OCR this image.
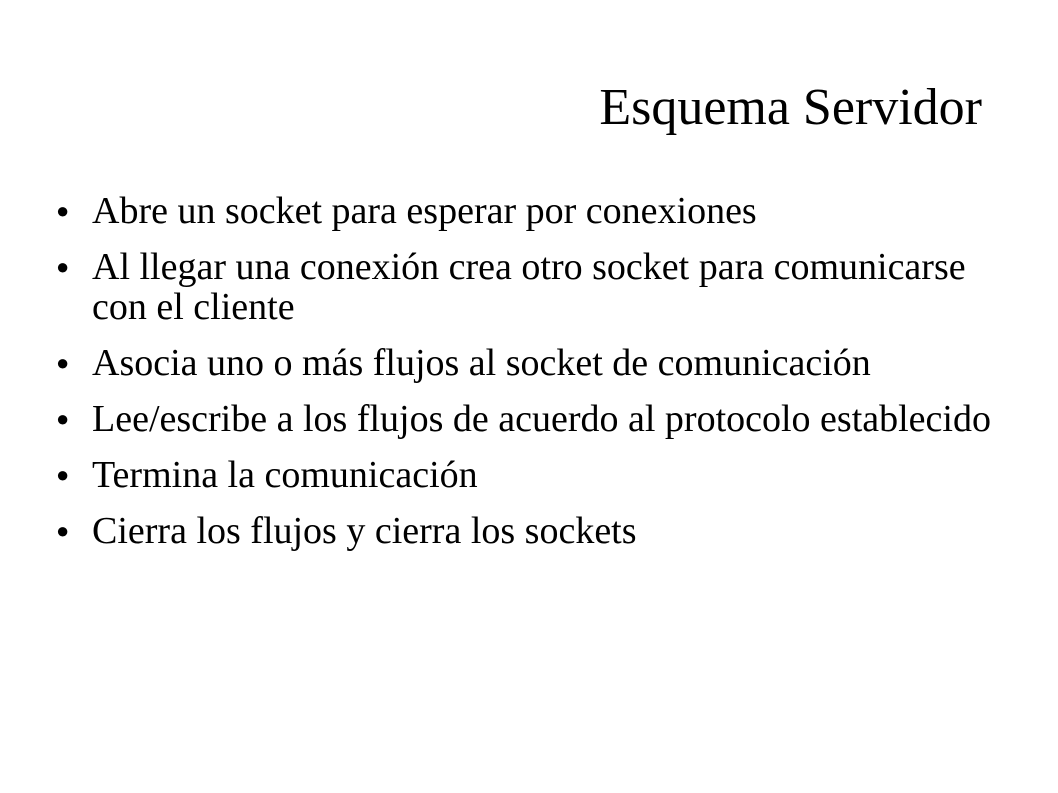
Esquema Servidor
● Abre un socket para esperar por conexiones
● Al llegar una conexión crea otro socket para comunicarse con el cliente
● Asocia uno o más flujos al socket de comunicación
● Lee/escribe a los flujos de acuerdo al protocolo establecido
● Termina la comunicación
● Cierra los flujos y cierra los sockets
